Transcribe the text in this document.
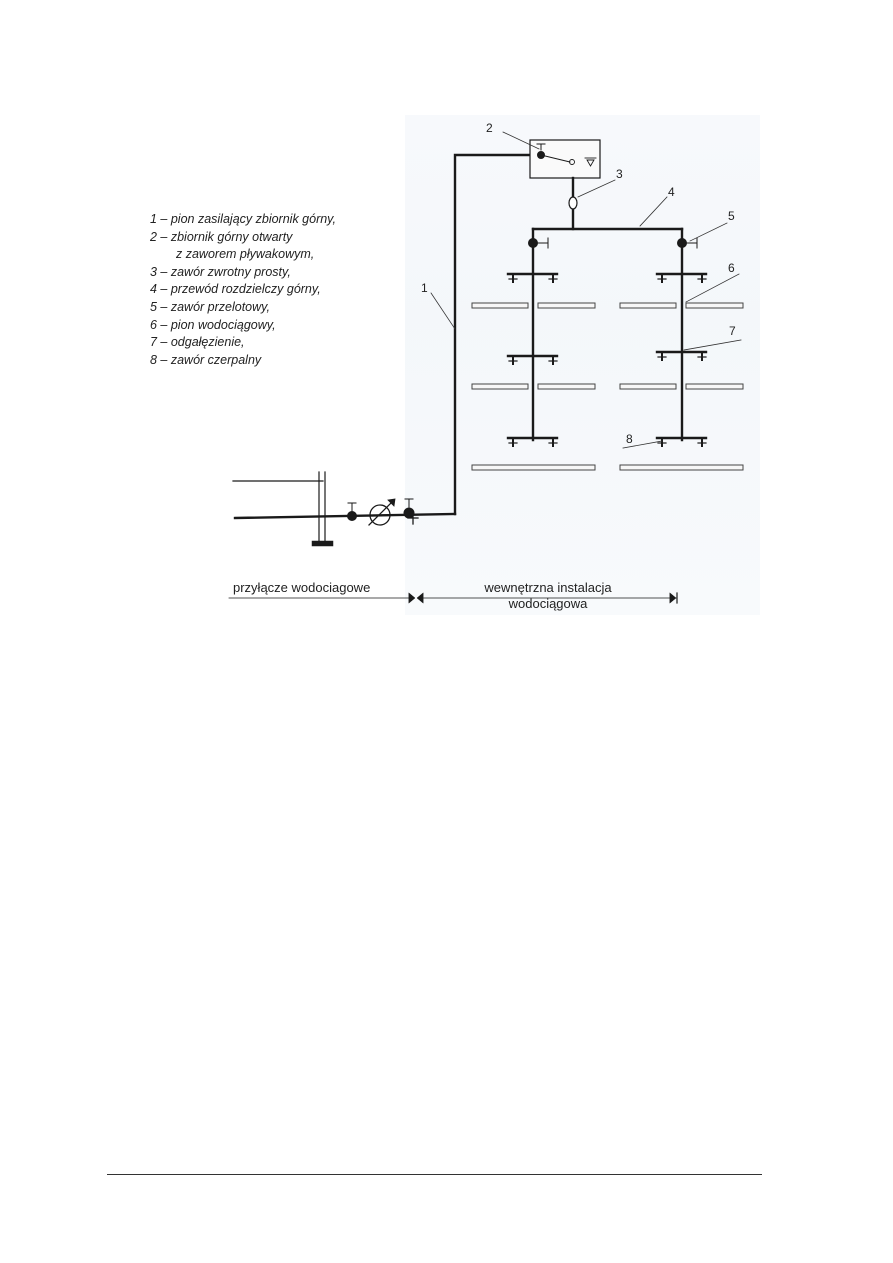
1 – pion zasilający zbiornik górny,
2 – zbiornik górny otwarty
z zaworem pływakowym,
3 – zawór zwrotny prosty,
4 – przewód rozdzielczy górny,
5 – zawór przelotowy,
6 – pion wodociągowy,
7 – odgałęzienie,
8 – zawór czerpalny
2
3
4
5
6
7
8
1
przyłącze wodociagowe	wewnętrzna instalacja
wodociągowa
